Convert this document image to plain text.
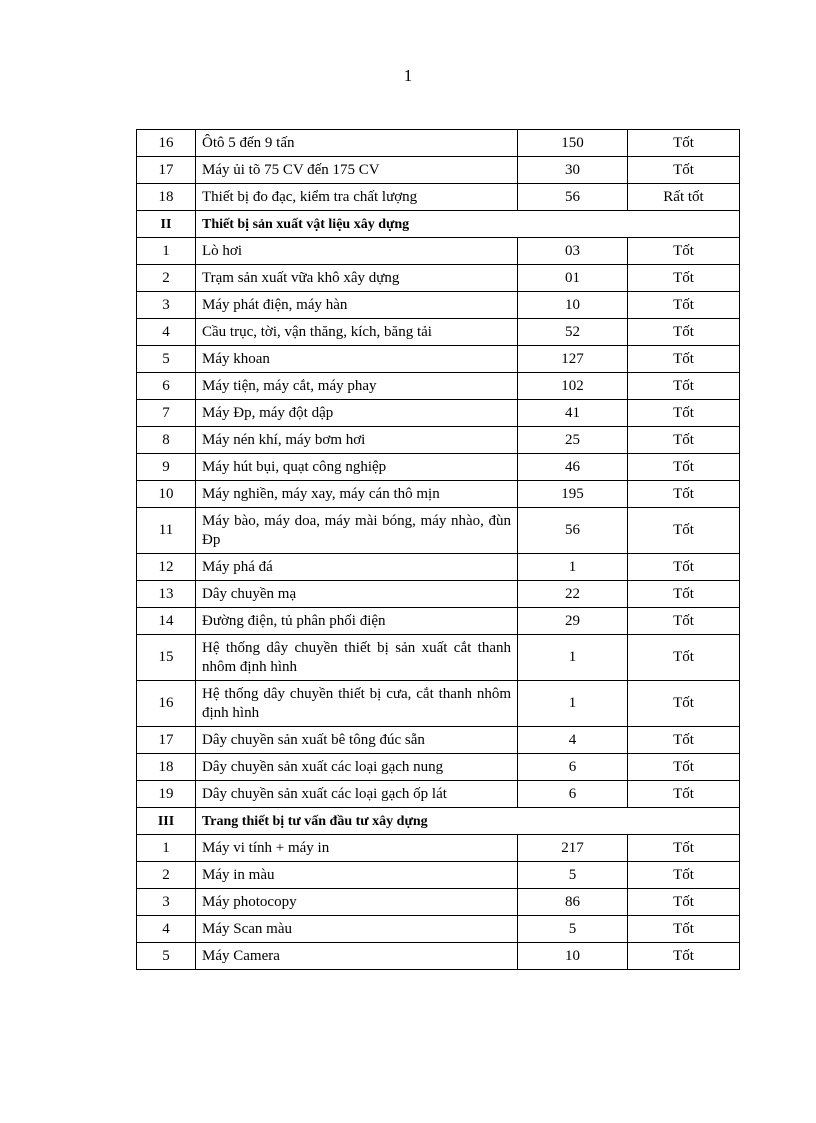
1
16	Ôtô 5 đến 9 tấn	150	Tốt
17	Máy ủi tõ 75 CV đến 175 CV	30	Tốt
18	Thiết bị đo đạc, kiểm tra chất lượng	56	Rất tốt
II	Thiết bị sản xuất vật liệu xây dựng		
1	Lò hơi	03	Tốt
2	Trạm sản xuất vữa khô xây dựng	01	Tốt
3	Máy phát điện, máy hàn	10	Tốt
4	Cầu trục, tời, vận thăng, kích, băng tải	52	Tốt
5	Máy khoan	127	Tốt
6	Máy tiện, máy cắt, máy phay	102	Tốt
7	Máy Đp, máy đột dập	41	Tốt
8	Máy nén khí, máy bơm hơi	25	Tốt
9	Máy hút bụi, quạt công nghiệp	46	Tốt
10	Máy nghiền, máy xay, máy cán thô mịn	195	Tốt
11	Máy bào, máy doa, máy mài bóng, máy nhào, đùn Đp	56	Tốt
12	Máy phá đá	1	Tốt
13	Dây chuyền mạ	22	Tốt
14	Đường điện, tủ phân phối điện	29	Tốt
15	Hệ thống dây chuyền thiết bị sản xuất cắt thanh nhôm định hình	1	Tốt
16	Hệ thống dây chuyền thiết bị cưa, cắt thanh nhôm định hình	1	Tốt
17	Dây chuyền sản xuất bê tông đúc sẵn	4	Tốt
18	Dây chuyền sản xuất các loại gạch nung	6	Tốt
19	Dây chuyền sản xuất các loại gạch ốp lát	6	Tốt
III	Trang thiết bị tư vấn đầu tư xây dựng		
1	Máy vi tính + máy in	217	Tốt
2	Máy in màu	5	Tốt
3	Máy photocopy	86	Tốt
4	Máy Scan màu	5	Tốt
5	Máy Camera	10	Tốt
